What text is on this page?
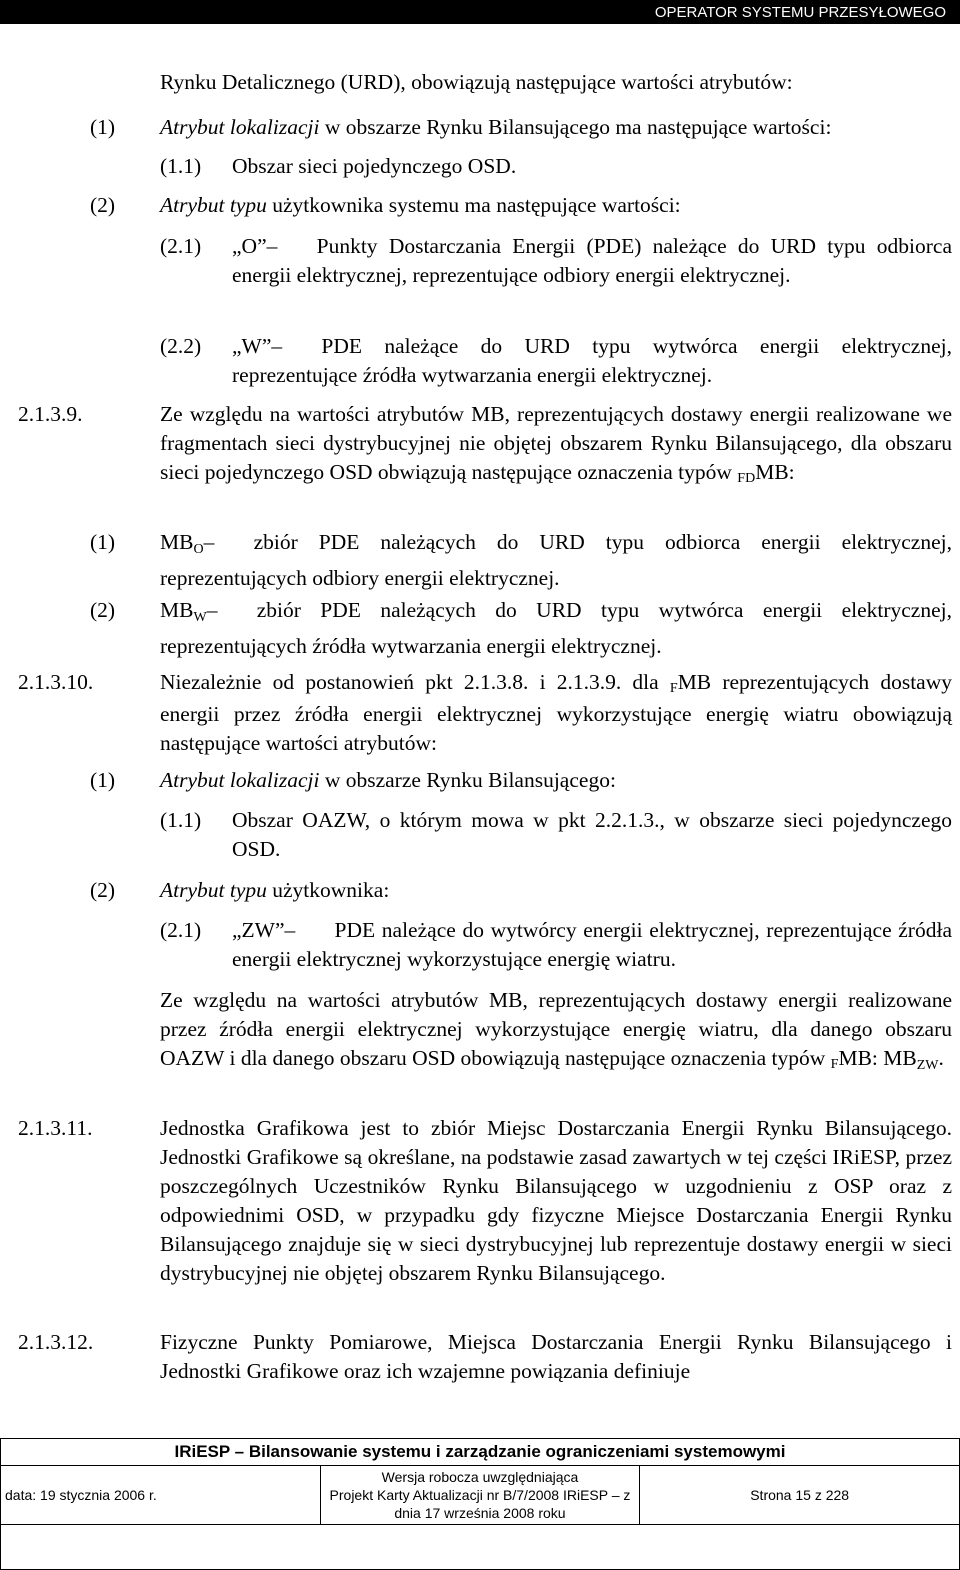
OPERATOR SYSTEMU PRZESYŁOWEGO
Rynku Detalicznego (URD), obowiązują następujące wartości atrybutów:
(1) Atrybut lokalizacji w obszarze Rynku Bilansującego ma następujące wartości:
(1.1) Obszar sieci pojedynczego OSD.
(2) Atrybut typu użytkownika systemu ma następujące wartości:
(2.1) „O”– Punkty Dostarczania Energii (PDE) należące do URD typu odbiorca energii elektrycznej, reprezentujące odbiory energii elektrycznej.
(2.2) „W”– PDE należące do URD typu wytwórca energii elektrycznej, reprezentujące źródła wytwarzania energii elektrycznej.
2.1.3.9.	Ze względu na wartości atrybutów MB, reprezentujących dostawy energii realizowane we fragmentach sieci dystrybucyjnej nie objętej obszarem Rynku Bilansującego, dla obszaru sieci pojedynczego OSD obwiązują następujące oznaczenia typów FDMB:
(1) $MB_O-$ zbiór PDE należących do URD typu odbiorca energii elektrycznej, reprezentujących odbiory energii elektrycznej.
(2) $MB_W-$ zbiór PDE należących do URD typu wytwórca energii elektrycznej, reprezentujących źródła wytwarzania energii elektrycznej.
2.1.3.10.	Niezależnie od postanowień pkt 2.1.3.8. i 2.1.3.9. dla FMB reprezentujących dostawy energii przez źródła energii elektrycznej wykorzystujące energię wiatru obowiązują następujące wartości atrybutów:
(1) Atrybut lokalizacji w obszarze Rynku Bilansującego:
(1.1) Obszar OAZW, o którym mowa w pkt 2.2.1.3., w obszarze sieci pojedynczego OSD.
(2) Atrybut typu użytkownika:
(2.1) „ZW”– PDE należące do wytwórcy energii elektrycznej, reprezentujące źródła energii elektrycznej wykorzystujące energię wiatru.
Ze względu na wartości atrybutów MB, reprezentujących dostawy energii realizowane przez źródła energii elektrycznej wykorzystujące energię wiatru, dla danego obszaru OAZW i dla danego obszaru OSD obowiązują następujące oznaczenia typów FMB: $MB_{ZW}$.
2.1.3.11.	Jednostka Grafikowa jest to zbiór Miejsc Dostarczania Energii Rynku Bilansującego. Jednostki Grafikowe są określane, na podstawie zasad zawartych w tej części IRiESP, przez poszczególnych Uczestników Rynku Bilansującego w uzgodnieniu z OSP oraz z odpowiednimi OSD, w przypadku gdy fizyczne Miejsce Dostarczania Energii Rynku Bilansującego znajduje się w sieci dystrybucyjnej lub reprezentuje dostawy energii w sieci dystrybucyjnej nie objętej obszarem Rynku Bilansującego.
2.1.3.12.	Fizyczne Punkty Pomiarowe, Miejsca Dostarczania Energii Rynku Bilansującego i Jednostki Grafikowe oraz ich wzajemne powiązania definiuje
IRiESP – Bilansowanie systemu i zarządzanie ograniczeniami systemowymi
data: 19 stycznia 2006 r.	
Wersja robocza uwzględniająca
Projekt Karty Aktualizacji nr B/7/2008 IRiESP – z dnia 17 września 2008 roku
	Strona 15 z 228
